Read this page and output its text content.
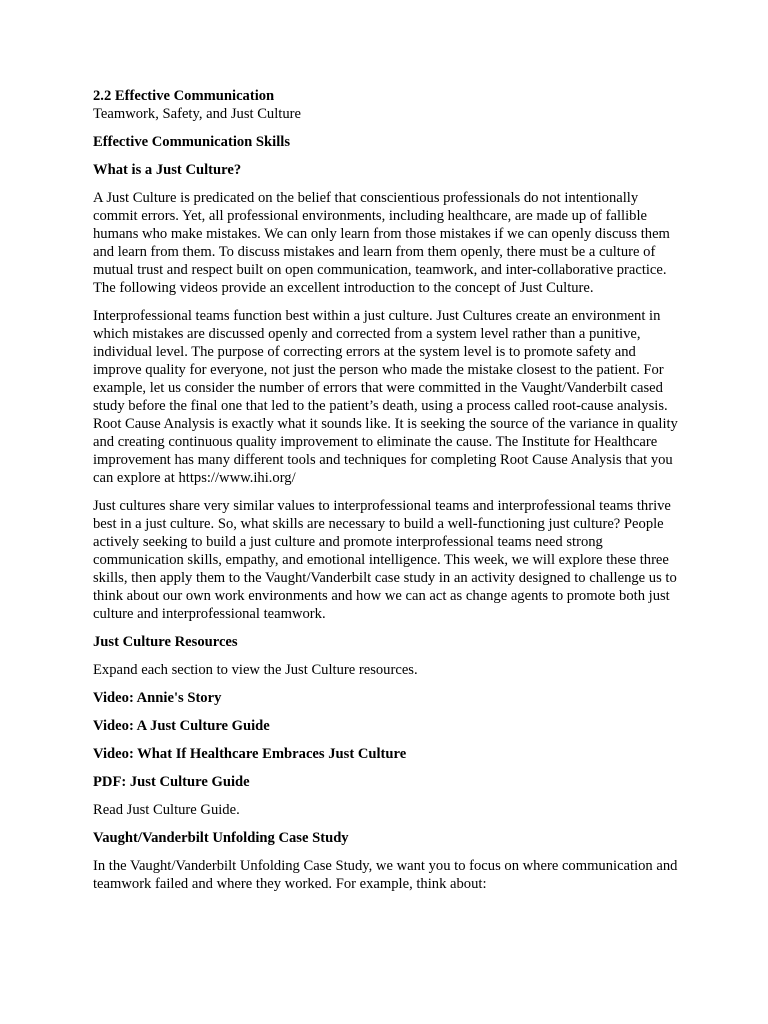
2.2 Effective Communication

Teamwork, Safety, and Just Culture

Effective Communication Skills

What is a Just Culture?

A Just Culture is predicated on the belief that conscientious professionals do not intentionally commit errors. Yet, all professional environments, including healthcare, are made up of fallible humans who make mistakes. We can only learn from those mistakes if we can openly discuss them and learn from them. To discuss mistakes and learn from them openly, there must be a culture of mutual trust and respect built on open communication, teamwork, and inter-collaborative practice. The following videos provide an excellent introduction to the concept of Just Culture.

Interprofessional teams function best within a just culture. Just Cultures create an environment in which mistakes are discussed openly and corrected from a system level rather than a punitive, individual level. The purpose of correcting errors at the system level is to promote safety and improve quality for everyone, not just the person who made the mistake closest to the patient. For example, let us consider the number of errors that were committed in the Vaught/Vanderbilt cased study before the final one that led to the patient’s death, using a process called root-cause analysis. Root Cause Analysis is exactly what it sounds like. It is seeking the source of the variance in quality and creating continuous quality improvement to eliminate the cause. The Institute for Healthcare improvement has many different tools and techniques for completing Root Cause Analysis that you can explore at https://www.ihi.org/

Just cultures share very similar values to interprofessional teams and interprofessional teams thrive best in a just culture. So, what skills are necessary to build a well-functioning just culture? People actively seeking to build a just culture and promote interprofessional teams need strong communication skills, empathy, and emotional intelligence. This week, we will explore these three skills, then apply them to the Vaught/Vanderbilt case study in an activity designed to challenge us to think about our own work environments and how we can act as change agents to promote both just culture and interprofessional teamwork.

Just Culture Resources

Expand each section to view the Just Culture resources.

Video: Annie's Story

Video: A Just Culture Guide

Video: What If Healthcare Embraces Just Culture

PDF: Just Culture Guide

Read Just Culture Guide.

Vaught/Vanderbilt Unfolding Case Study

In the Vaught/Vanderbilt Unfolding Case Study, we want you to focus on where communication and teamwork failed and where they worked. For example, think about:
